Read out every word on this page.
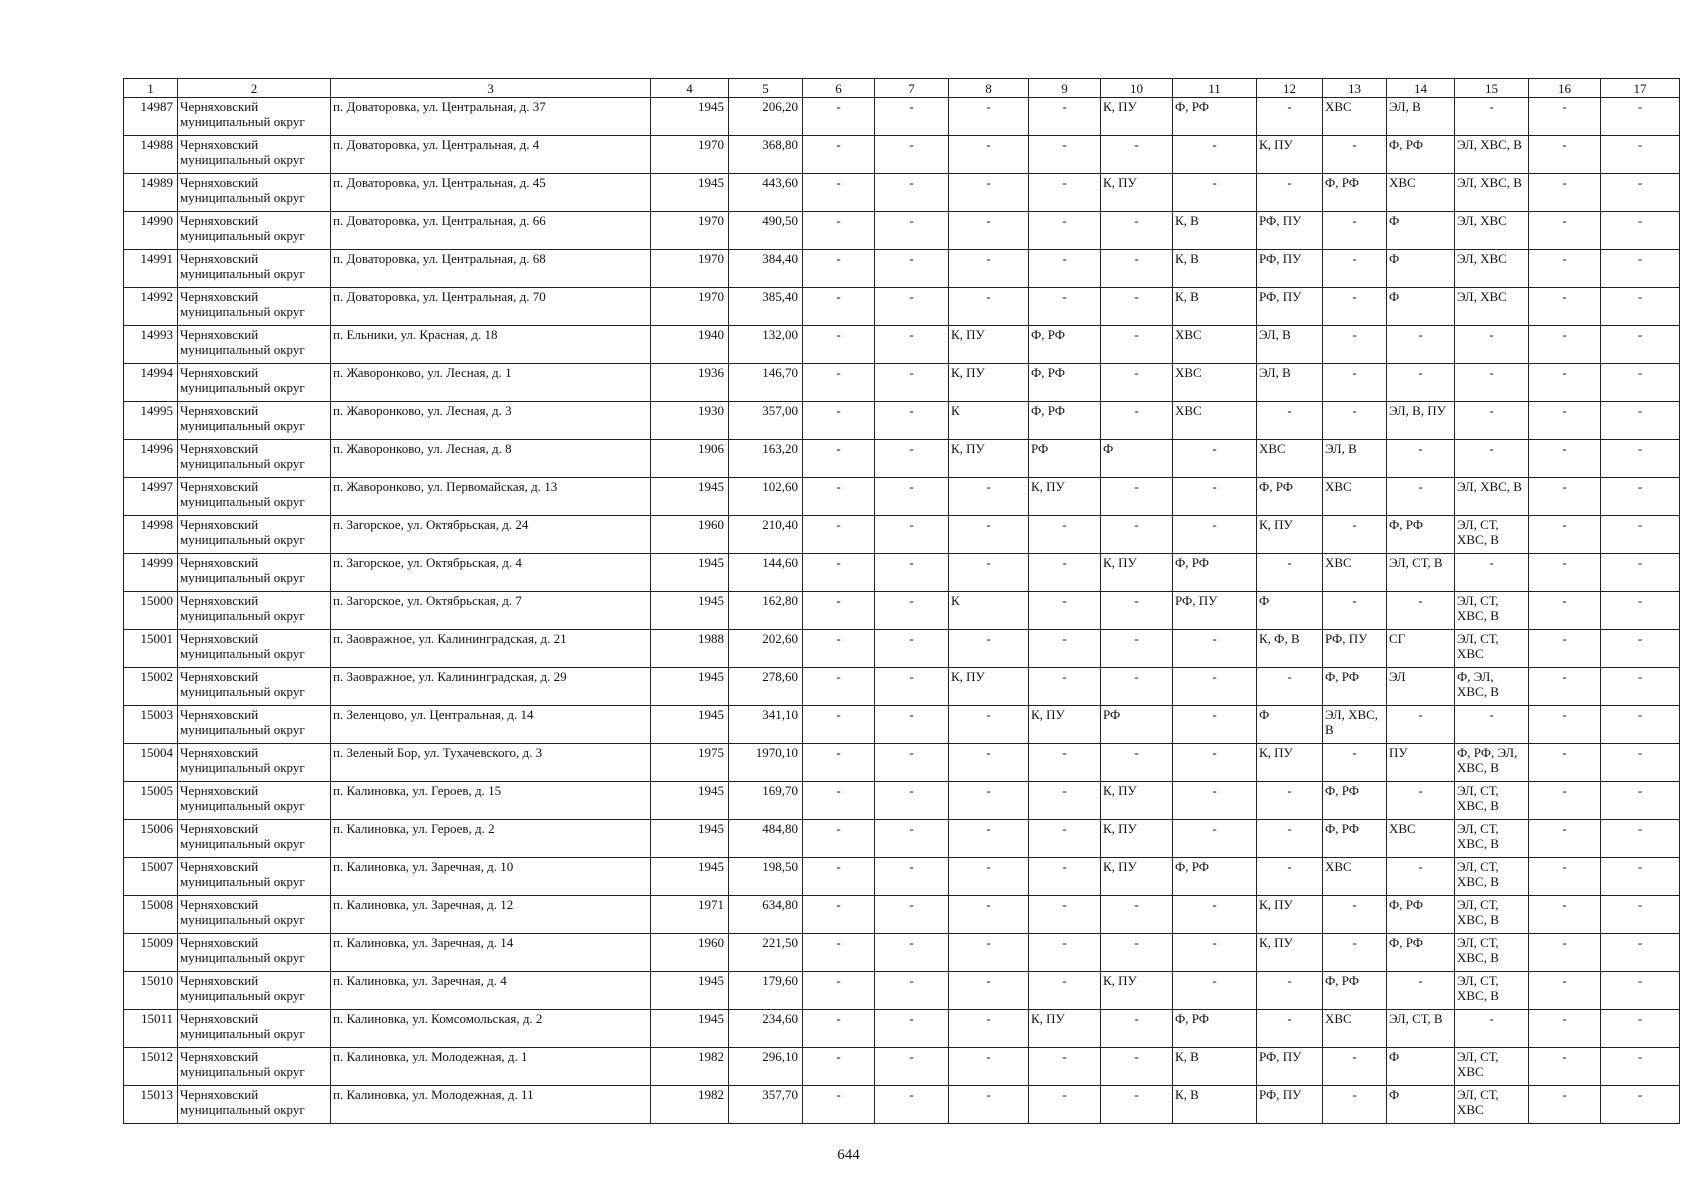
1	2	3	4	5	6	7	8	9	10	11	12	13	14	15	16	17
14987	Черняховский муниципальный округ	п. Доваторовка, ул. Центральная, д. 37	1945	206,20	-	-	-	-	К, ПУ	Ф, РФ	-	ХВС	ЭЛ, В	-	-	-
14988	Черняховский муниципальный округ	п. Доваторовка, ул. Центральная, д. 4	1970	368,80	-	-	-	-	-	-	К, ПУ	-	Ф, РФ	ЭЛ, ХВС, В	-	-
14989	Черняховский муниципальный округ	п. Доваторовка, ул. Центральная, д. 45	1945	443,60	-	-	-	-	К, ПУ	-	-	Ф, РФ	ХВС	ЭЛ, ХВС, В	-	-
14990	Черняховский муниципальный округ	п. Доваторовка, ул. Центральная, д. 66	1970	490,50	-	-	-	-	-	К, В	РФ, ПУ	-	Ф	ЭЛ, ХВС	-	-
14991	Черняховский муниципальный округ	п. Доваторовка, ул. Центральная, д. 68	1970	384,40	-	-	-	-	-	К, В	РФ, ПУ	-	Ф	ЭЛ, ХВС	-	-
14992	Черняховский муниципальный округ	п. Доваторовка, ул. Центральная, д. 70	1970	385,40	-	-	-	-	-	К, В	РФ, ПУ	-	Ф	ЭЛ, ХВС	-	-
14993	Черняховский муниципальный округ	п. Ельники, ул. Красная, д. 18	1940	132,00	-	-	К, ПУ	Ф, РФ	-	ХВС	ЭЛ, В	-	-	-	-	-
14994	Черняховский муниципальный округ	п. Жаворонково, ул. Лесная, д. 1	1936	146,70	-	-	К, ПУ	Ф, РФ	-	ХВС	ЭЛ, В	-	-	-	-	-
14995	Черняховский муниципальный округ	п. Жаворонково, ул. Лесная, д. 3	1930	357,00	-	-	К	Ф, РФ	-	ХВС	-	-	ЭЛ, В, ПУ	-	-	-
14996	Черняховский муниципальный округ	п. Жаворонково, ул. Лесная, д. 8	1906	163,20	-	-	К, ПУ	РФ	Ф	-	ХВС	ЭЛ, В	-	-	-	-
14997	Черняховский муниципальный округ	п. Жаворонково, ул. Первомайская, д. 13	1945	102,60	-	-	-	К, ПУ	-	-	Ф, РФ	ХВС	-	ЭЛ, ХВС, В	-	-
14998	Черняховский муниципальный округ	п. Загорское, ул. Октябрьская, д. 24	1960	210,40	-	-	-	-	-	-	К, ПУ	-	Ф, РФ	ЭЛ, СТ, ХВС, В	-	-
14999	Черняховский муниципальный округ	п. Загорское, ул. Октябрьская, д. 4	1945	144,60	-	-	-	-	К, ПУ	Ф, РФ	-	ХВС	ЭЛ, СТ, В	-	-	-
15000	Черняховский муниципальный округ	п. Загорское, ул. Октябрьская, д. 7	1945	162,80	-	-	К	-	-	РФ, ПУ	Ф	-	-	ЭЛ, СТ, ХВС, В	-	-
15001	Черняховский муниципальный округ	п. Заовражное, ул. Калининградская, д. 21	1988	202,60	-	-	-	-	-	-	К, Ф, В	РФ, ПУ	СГ	ЭЛ, СТ, ХВС	-	-
15002	Черняховский муниципальный округ	п. Заовражное, ул. Калининградская, д. 29	1945	278,60	-	-	К, ПУ	-	-	-	-	Ф, РФ	ЭЛ	Ф, ЭЛ, ХВС, В	-	-
15003	Черняховский муниципальный округ	п. Зеленцово, ул. Центральная, д. 14	1945	341,10	-	-	-	К, ПУ	РФ	-	Ф	ЭЛ, ХВС, В	-	-	-	-
15004	Черняховский муниципальный округ	п. Зеленый Бор, ул. Тухачевского, д. 3	1975	1970,10	-	-	-	-	-	-	К, ПУ	-	ПУ	Ф, РФ, ЭЛ, ХВС, В	-	-
15005	Черняховский муниципальный округ	п. Калиновка, ул. Героев, д. 15	1945	169,70	-	-	-	-	К, ПУ	-	-	Ф, РФ	-	ЭЛ, СТ, ХВС, В	-	-
15006	Черняховский муниципальный округ	п. Калиновка, ул. Героев, д. 2	1945	484,80	-	-	-	-	К, ПУ	-	-	Ф, РФ	ХВС	ЭЛ, СТ, ХВС, В	-	-
15007	Черняховский муниципальный округ	п. Калиновка, ул. Заречная, д. 10	1945	198,50	-	-	-	-	К, ПУ	Ф, РФ	-	ХВС	-	ЭЛ, СТ, ХВС, В	-	-
15008	Черняховский муниципальный округ	п. Калиновка, ул. Заречная, д. 12	1971	634,80	-	-	-	-	-	-	К, ПУ	-	Ф, РФ	ЭЛ, СТ, ХВС, В	-	-
15009	Черняховский муниципальный округ	п. Калиновка, ул. Заречная, д. 14	1960	221,50	-	-	-	-	-	-	К, ПУ	-	Ф, РФ	ЭЛ, СТ, ХВС, В	-	-
15010	Черняховский муниципальный округ	п. Калиновка, ул. Заречная, д. 4	1945	179,60	-	-	-	-	К, ПУ	-	-	Ф, РФ	-	ЭЛ, СТ, ХВС, В	-	-
15011	Черняховский муниципальный округ	п. Калиновка, ул. Комсомольская, д. 2	1945	234,60	-	-	-	К, ПУ	-	Ф, РФ	-	ХВС	ЭЛ, СТ, В	-	-	-
15012	Черняховский муниципальный округ	п. Калиновка, ул. Молодежная, д. 1	1982	296,10	-	-	-	-	-	К, В	РФ, ПУ	-	Ф	ЭЛ, СТ, ХВС	-	-
15013	Черняховский муниципальный округ	п. Калиновка, ул. Молодежная, д. 11	1982	357,70	-	-	-	-	-	К, В	РФ, ПУ	-	Ф	ЭЛ, СТ, ХВС	-	-
644
